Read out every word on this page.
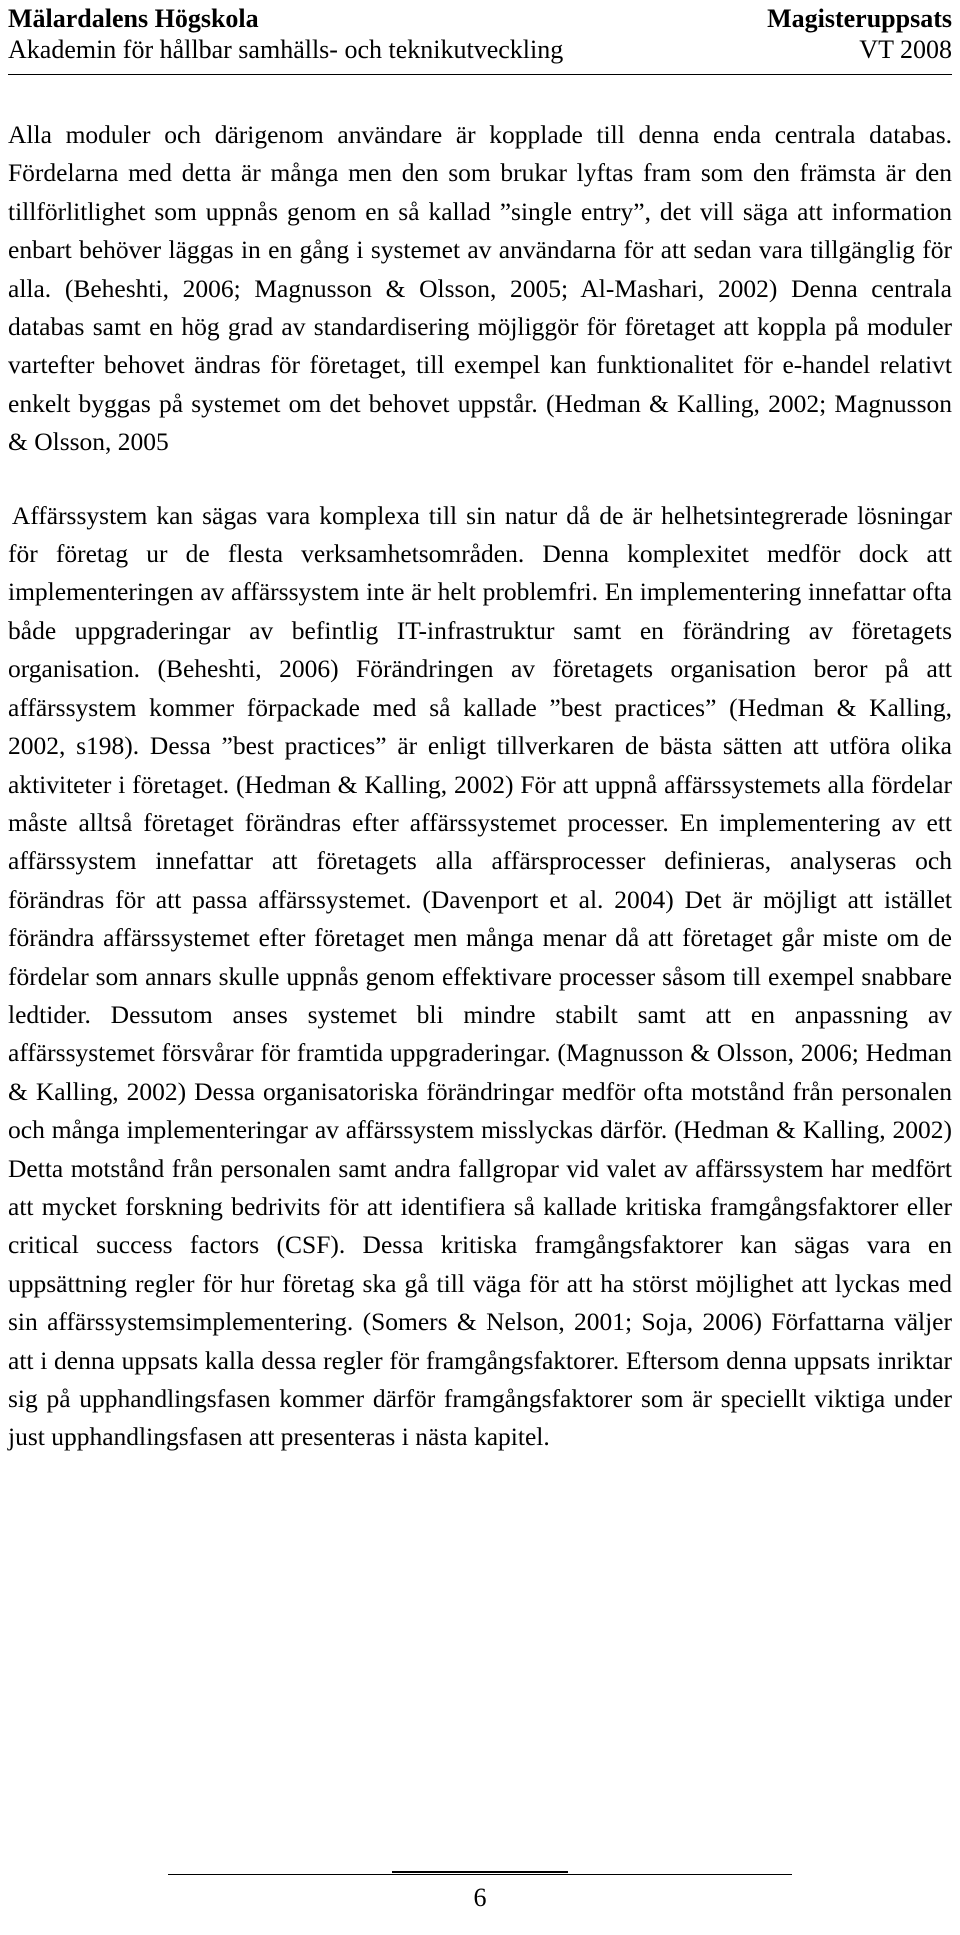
Mälardalens Högskola	Magisteruppsats
Akademin för hållbar samhälls- och teknikutveckling	VT 2008

Alla moduler och därigenom användare är kopplade till denna enda centrala databas. Fördelarna med detta är många men den som brukar lyftas fram som den främsta är den tillförlitlighet som uppnås genom en så kallad ”single entry”, det vill säga att information enbart behöver läggas in en gång i systemet av användarna för att sedan vara tillgänglig för alla. (Beheshti, 2006; Magnusson & Olsson, 2005; Al-Mashari, 2002) Denna centrala databas samt en hög grad av standardisering möjliggör för företaget att koppla på moduler vartefter behovet ändras för företaget, till exempel kan funktionalitet för e-handel relativt enkelt byggas på systemet om det behovet uppstår. (Hedman & Kalling, 2002; Magnusson & Olsson, 2005

Affärssystem kan sägas vara komplexa till sin natur då de är helhetsintegrerade lösningar för företag ur de flesta verksamhetsområden. Denna komplexitet medför dock att implementeringen av affärssystem inte är helt problemfri. En implementering innefattar ofta både uppgraderingar av befintlig IT-infrastruktur samt en förändring av företagets organisation. (Beheshti, 2006) Förändringen av företagets organisation beror på att affärssystem kommer förpackade med så kallade ”best practices” (Hedman & Kalling, 2002, s198). Dessa ”best practices” är enligt tillverkaren de bästa sätten att utföra olika aktiviteter i företaget. (Hedman & Kalling, 2002) För att uppnå affärssystemets alla fördelar måste alltså företaget förändras efter affärssystemet processer. En implementering av ett affärssystem innefattar att företagets alla affärsprocesser definieras, analyseras och förändras för att passa affärssystemet. (Davenport et al. 2004) Det är möjligt att istället förändra affärssystemet efter företaget men många menar då att företaget går miste om de fördelar som annars skulle uppnås genom effektivare processer såsom till exempel snabbare ledtider. Dessutom anses systemet bli mindre stabilt samt att en anpassning av affärssystemet försvårar för framtida uppgraderingar. (Magnusson & Olsson, 2006; Hedman & Kalling, 2002) Dessa organisatoriska förändringar medför ofta motstånd från personalen och många implementeringar av affärssystem misslyckas därför. (Hedman & Kalling, 2002) Detta motstånd från personalen samt andra fallgropar vid valet av affärssystem har medfört att mycket forskning bedrivits för att identifiera så kallade kritiska framgångsfaktorer eller critical success factors (CSF). Dessa kritiska framgångsfaktorer kan sägas vara en uppsättning regler för hur företag ska gå till väga för att ha störst möjlighet att lyckas med sin affärssystemsimplementering. (Somers & Nelson, 2001; Soja, 2006) Författarna väljer att i denna uppsats kalla dessa regler för framgångsfaktorer. Eftersom denna uppsats inriktar sig på upphandlingsfasen kommer därför framgångsfaktorer som är speciellt viktiga under just upphandlingsfasen att presenteras i nästa kapitel.

6
